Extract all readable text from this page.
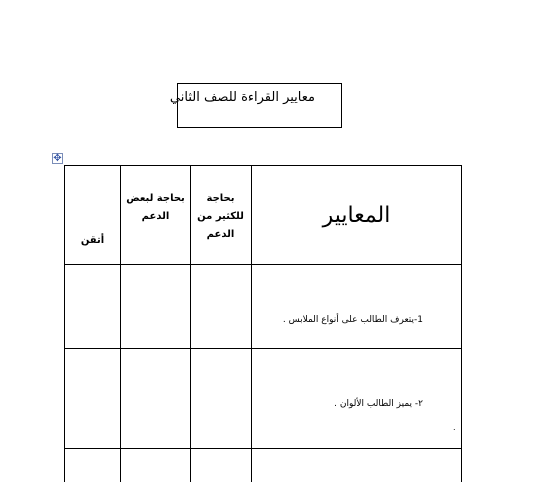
معايير القراءة للصف الثاني
✥
أتقن
بحاجة لبعض الدعم
بحاجة للكثير من الدعم
المعايير
1-يتعرف الطالب على أنواع الملابس .
٢- يميز الطالب الألوان .
.
